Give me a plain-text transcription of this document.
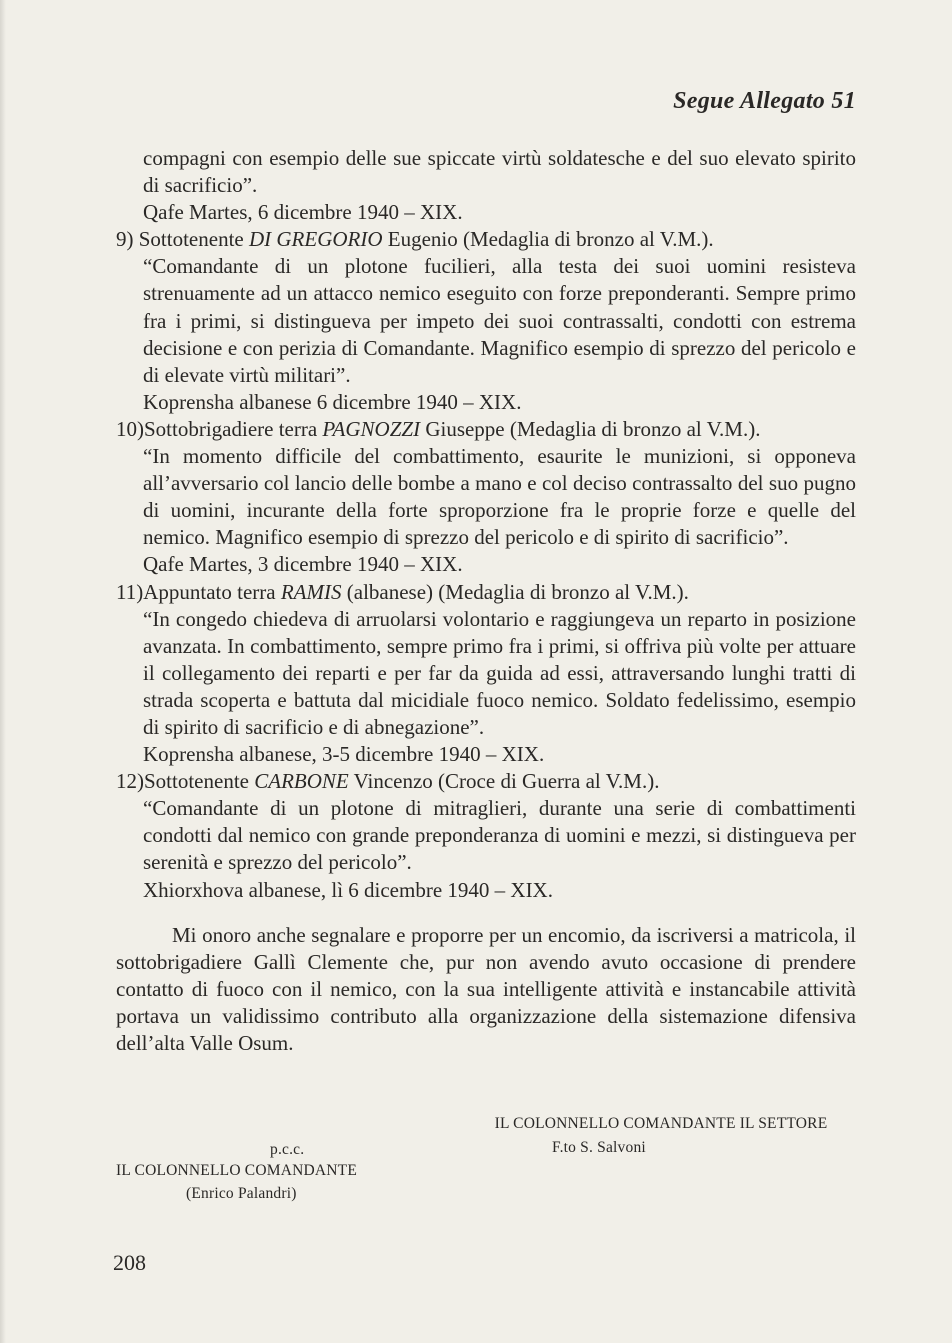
Segue Allegato 51

compagni con esempio delle sue spiccate virtù soldatesche e del suo elevato spirito di sacrificio”.

Qafe Martes, 6 dicembre 1940 – XIX.

9) Sottotenente DI GREGORIO Eugenio (Medaglia di bronzo al V.M.).

“Comandante di un plotone fucilieri, alla testa dei suoi uomini resisteva strenuamente ad un attacco nemico eseguito con forze preponderanti. Sempre primo fra i primi, si distingueva per impeto dei suoi contrassalti, condotti con estrema decisione e con perizia di Comandante. Magnifico esempio di sprezzo del pericolo e di elevate virtù militari”.

Koprensha albanese 6 dicembre 1940 – XIX.

10)Sottobrigadiere terra PAGNOZZI Giuseppe (Medaglia di bronzo al V.M.).

“In momento difficile del combattimento, esaurite le munizioni, si opponeva all’avversario col lancio delle bombe a mano e col deciso contrassalto del suo pugno di uomini, incurante della forte sproporzione fra le proprie forze e quelle del nemico. Magnifico esempio di sprezzo del pericolo e di spirito di sacrificio”.

Qafe Martes, 3 dicembre 1940 – XIX.

11)Appuntato terra RAMIS (albanese) (Medaglia di bronzo al V.M.).

“In congedo chiedeva di arruolarsi volontario e raggiungeva un reparto in posizione avanzata. In combattimento, sempre primo fra i primi, si offriva più volte per attuare il collegamento dei reparti e per far da guida ad essi, attraversando lunghi tratti di strada scoperta e battuta dal micidiale fuoco nemico. Soldato fedelissimo, esempio di spirito di sacrificio e di abnegazione”.

Koprensha albanese, 3-5 dicembre 1940 – XIX.

12)Sottotenente CARBONE Vincenzo (Croce di Guerra al V.M.).

“Comandante di un plotone di mitraglieri, durante una serie di combattimenti condotti dal nemico con grande preponderanza di uomini e mezzi, si distingueva per serenità e sprezzo del pericolo”.

Xhiorxhova albanese, lì 6 dicembre 1940 – XIX.

Mi onoro anche segnalare e proporre per un encomio, da iscriversi a matricola, il sottobrigadiere Gallì Clemente che, pur non avendo avuto occasione di prendere contatto di fuoco con il nemico, con la sua intelligente attività e instancabile attività portava un validissimo contributo alla organizzazione della sistemazione difensiva dell’alta Valle Osum.

IL COLONNELLO COMANDANTE IL SETTORE
F.to S. Salvoni
p.c.c.
IL COLONNELLO COMANDANTE
(Enrico Palandri)
208
